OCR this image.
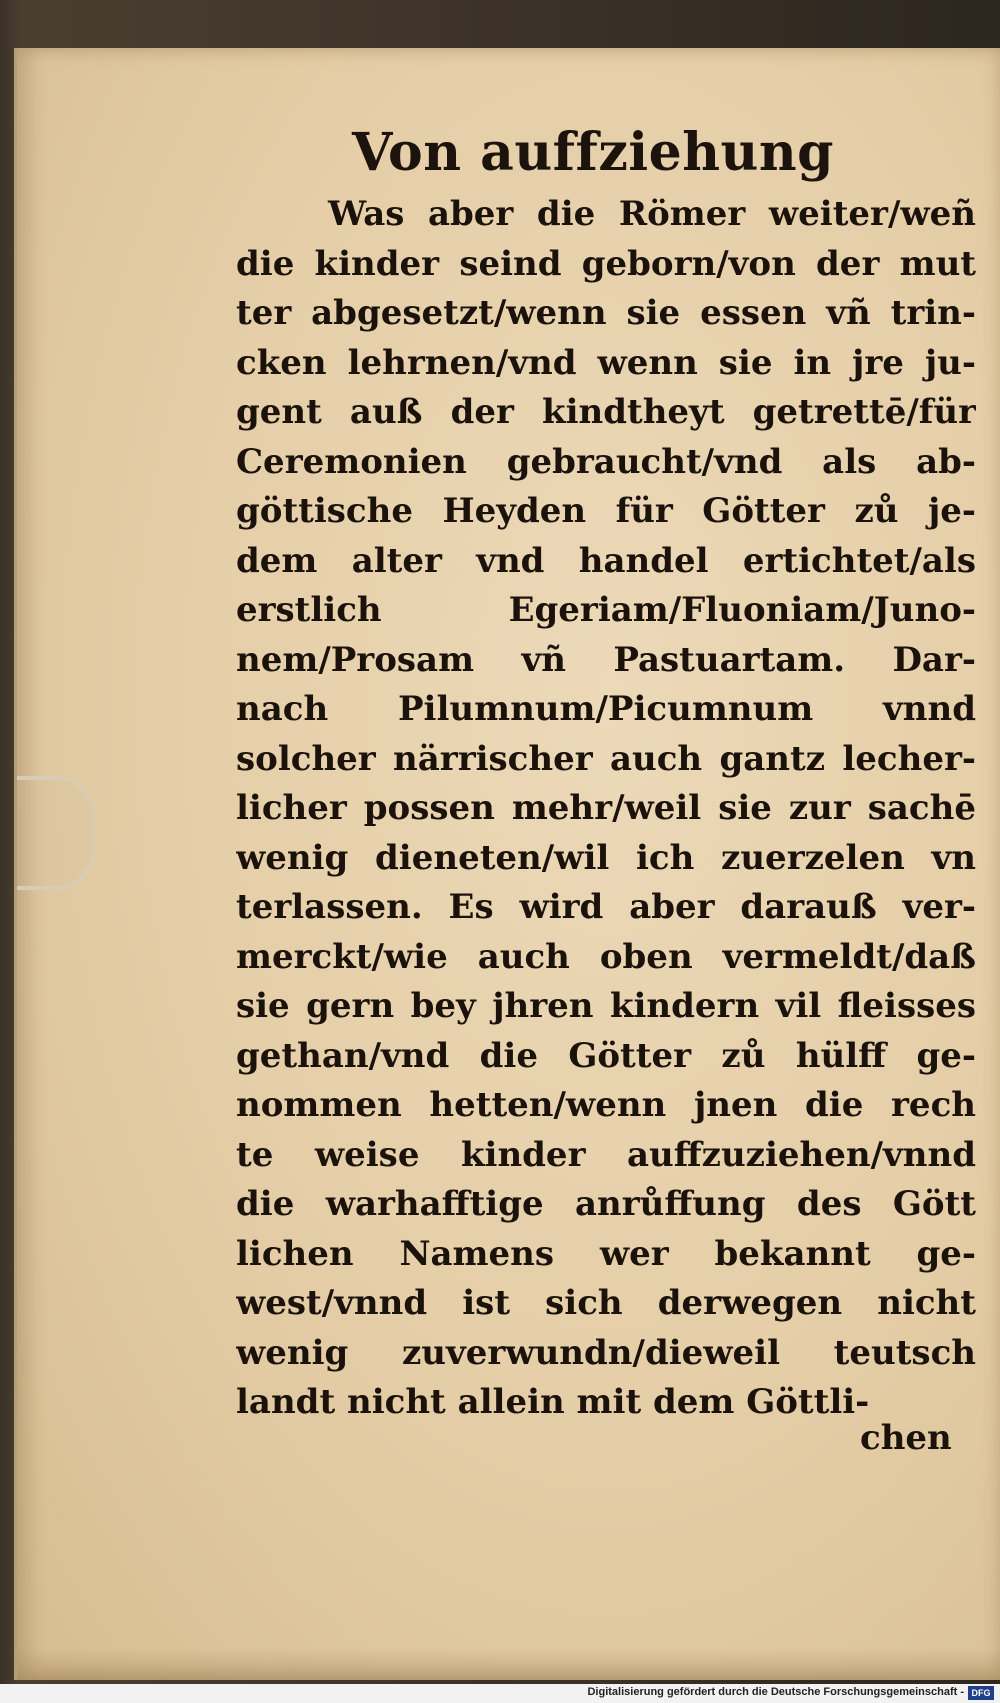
Von auffziehung
Was aber die Römer weiter/weñ
die kinder seind geborn/von der mut
ter abgesetzt/wenn sie essen vñ trin-
cken lehrnen/vnd wenn sie in jre ju-
gent auß der kindtheyt getrettē/für
Ceremonien gebraucht/vnd als ab-
göttische Heyden für Götter zů je-
dem alter vnd handel ertichtet/als
erstlich Egeriam/Fluoniam/Juno-
nem/Prosam vñ Pastuartam. Dar-
nach Pilumnum/Picumnum vnnd
solcher närrischer auch gantz lecher-
licher possen mehr/weil sie zur sachē
wenig dieneten/wil ich zuerzelen vn
terlassen. Es wird aber darauß ver-
merckt/wie auch oben vermeldt/daß
sie gern bey jhren kindern vil fleisses
gethan/vnd die Götter zů hülff ge-
nommen hetten/wenn jnen die rech
te weise kinder auffzuziehen/vnnd
die warhafftige anrůffung des Gött
lichen Namens wer bekannt ge-
west/vnnd ist sich derwegen nicht
wenig zuverwundn/dieweil teutsch
landt nicht allein mit dem Göttli-
chen
Digitalisierung gefördert durch die Deutsche Forschungsgemeinschaft - DFG
